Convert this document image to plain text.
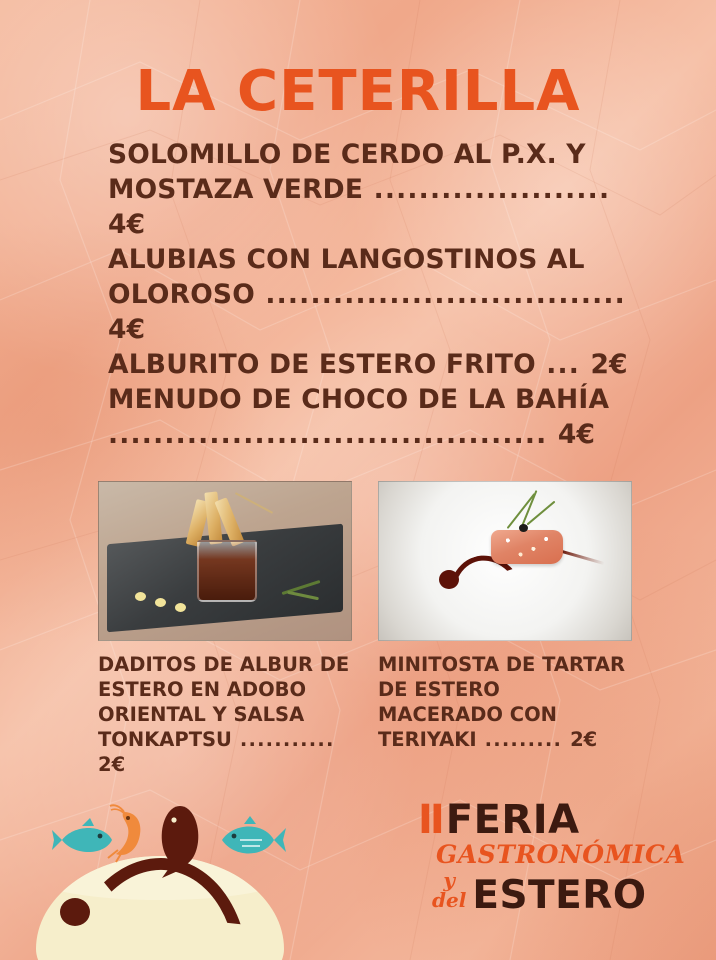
LA CETERILLA
SOLOMILLO DE CERDO AL P.X. Y MOSTAZA VERDE ..................... 4€
ALUBIAS CON LANGOSTINOS AL OLOROSO ................................ 4€
ALBURITO DE ESTERO FRITO ... 2€
MENUDO DE CHOCO DE LA BAHÍA ....................................... 4€
DADITOS DE ALBUR DE ESTERO EN ADOBO ORIENTAL Y SALSA TONKAPTSU ........... 2€
MINITOSTA DE TARTAR DE ESTERO MACERADO CON TERIYAKI ......... 2€
II FERIA
GASTRONÓMICA
y
del ESTERO
